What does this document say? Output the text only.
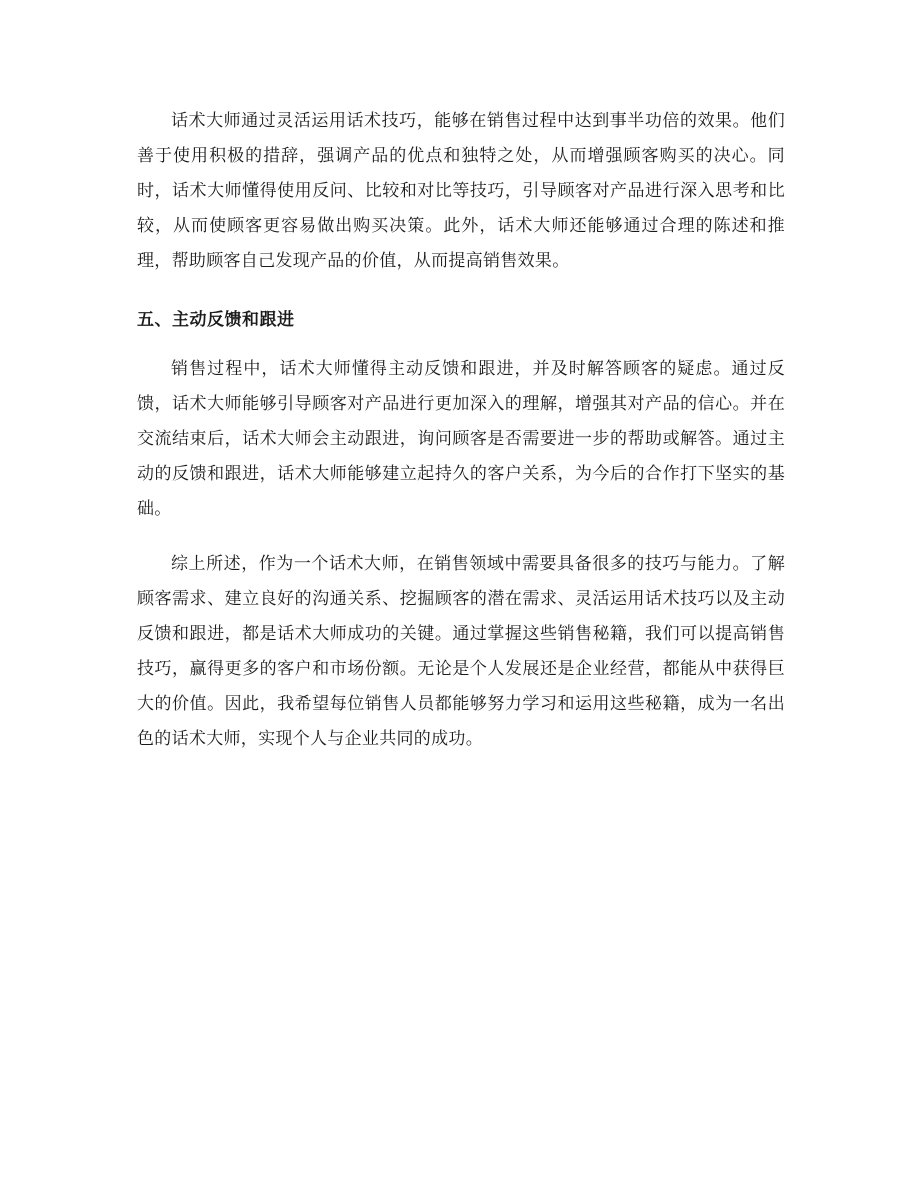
话术大师通过灵活运用话术技巧，能够在销售过程中达到事半功倍的效果。他们善于使用积极的措辞，强调产品的优点和独特之处，从而增强顾客购买的决心。同时，话术大师懂得使用反问、比较和对比等技巧，引导顾客对产品进行深入思考和比较，从而使顾客更容易做出购买决策。此外，话术大师还能够通过合理的陈述和推理，帮助顾客自己发现产品的价值，从而提高销售效果。

五、主动反馈和跟进

销售过程中，话术大师懂得主动反馈和跟进，并及时解答顾客的疑虑。通过反馈，话术大师能够引导顾客对产品进行更加深入的理解，增强其对产品的信心。并在交流结束后，话术大师会主动跟进，询问顾客是否需要进一步的帮助或解答。通过主动的反馈和跟进，话术大师能够建立起持久的客户关系，为今后的合作打下坚实的基础。

综上所述，作为一个话术大师，在销售领域中需要具备很多的技巧与能力。了解顾客需求、建立良好的沟通关系、挖掘顾客的潜在需求、灵活运用话术技巧以及主动反馈和跟进，都是话术大师成功的关键。通过掌握这些销售秘籍，我们可以提高销售技巧，赢得更多的客户和市场份额。无论是个人发展还是企业经营，都能从中获得巨大的价值。因此，我希望每位销售人员都能够努力学习和运用这些秘籍，成为一名出色的话术大师，实现个人与企业共同的成功。
